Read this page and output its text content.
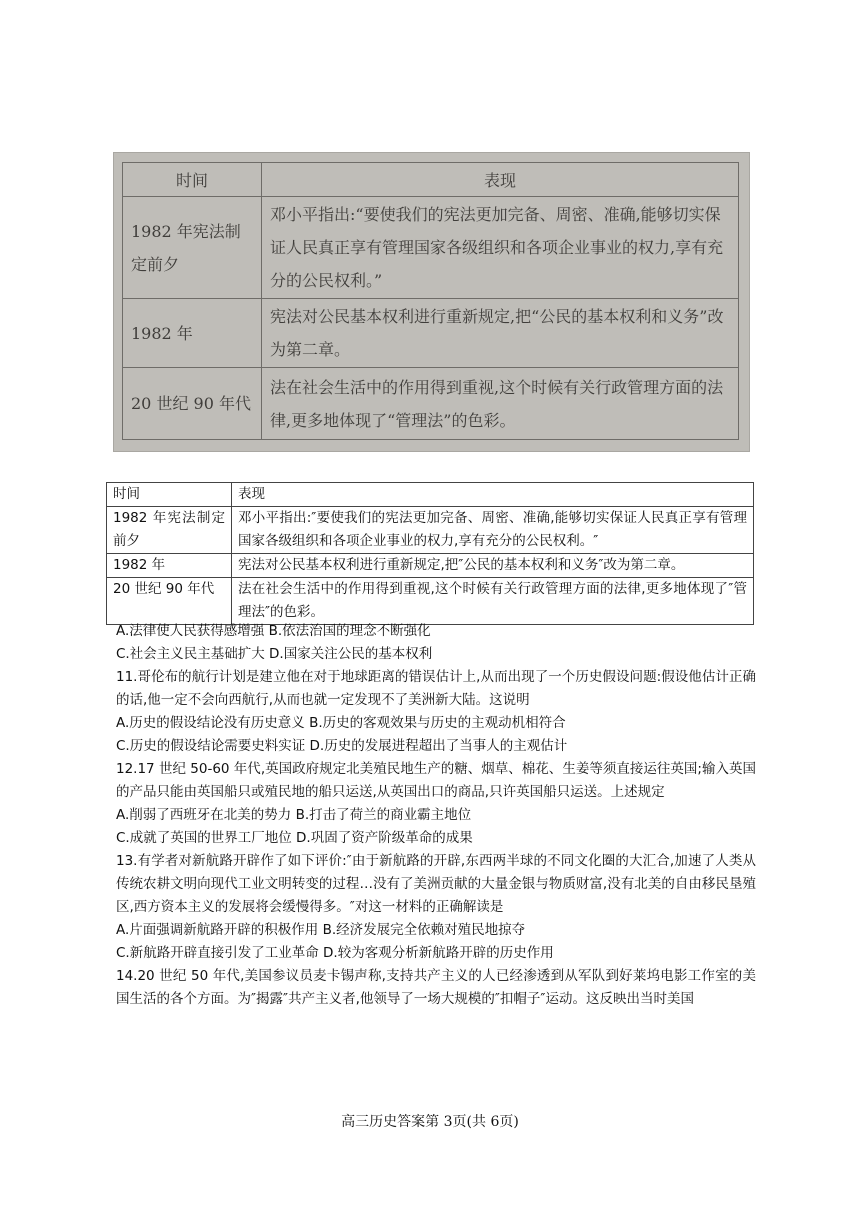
时间	表现
1982 年宪法制定前夕	邓小平指出:“要使我们的宪法更加完备、周密、准确,能够切实保证人民真正享有管理国家各级组织和各项企业事业的权力,享有充分的公民权利。”
1982 年	宪法对公民基本权利进行重新规定,把“公民的基本权利和义务”改为第二章。
20 世纪 90 年代	法在社会生活中的作用得到重视,这个时候有关行政管理方面的法律,更多地体现了“管理法”的色彩。
时间	表现
1982 年宪法制定前夕	邓小平指出:″要使我们的宪法更加完备、周密、准确,能够切实保证人民真正享有管理国家各级组织和各项企业事业的权力,享有充分的公民权利。″
1982 年	宪法对公民基本权利进行重新规定,把″公民的基本权利和义务″改为第二章。
20 世纪 90 年代	法在社会生活中的作用得到重视,这个时候有关行政管理方面的法律,更多地体现了″管理法″的色彩。
A.法律使人民获得感增强 B.依法治国的理念不断强化
C.社会主义民主基础扩大 D.国家关注公民的基本权利
11.哥伦布的航行计划是建立他在对于地球距离的错误估计上,从而出现了一个历史假设问题:假设他估计正确的话,他一定不会向西航行,从而也就一定发现不了美洲新大陆。这说明
A.历史的假设结论没有历史意义 B.历史的客观效果与历史的主观动机相符合
C.历史的假设结论需要史料实证 D.历史的发展进程超出了当事人的主观估计
12.17 世纪 50-60 年代,英国政府规定北美殖民地生产的糖、烟草、棉花、生姜等须直接运往英国;输入英国的产品只能由英国船只或殖民地的船只运送,从英国出口的商品,只许英国船只运送。上述规定
A.削弱了西班牙在北美的势力 B.打击了荷兰的商业霸主地位
C.成就了英国的世界工厂地位 D.巩固了资产阶级革命的成果
13.有学者对新航路开辟作了如下评价:″由于新航路的开辟,东西两半球的不同文化圈的大汇合,加速了人类从传统农耕文明向现代工业文明转变的过程…没有了美洲贡献的大量金银与物质财富,没有北美的自由移民垦殖区,西方资本主义的发展将会缓慢得多。″对这一材料的正确解读是
A.片面强调新航路开辟的积极作用 B.经济发展完全依赖对殖民地掠夺
C.新航路开辟直接引发了工业革命 D.较为客观分析新航路开辟的历史作用
14.20 世纪 50 年代,美国参议员麦卡锡声称,支持共产主义的人已经渗透到从军队到好莱坞电影工作室的美国生活的各个方面。为″揭露″共产主义者,他领导了一场大规模的″扣帽子″运动。这反映出当时美国
高三历史答案第 3页(共 6页)
